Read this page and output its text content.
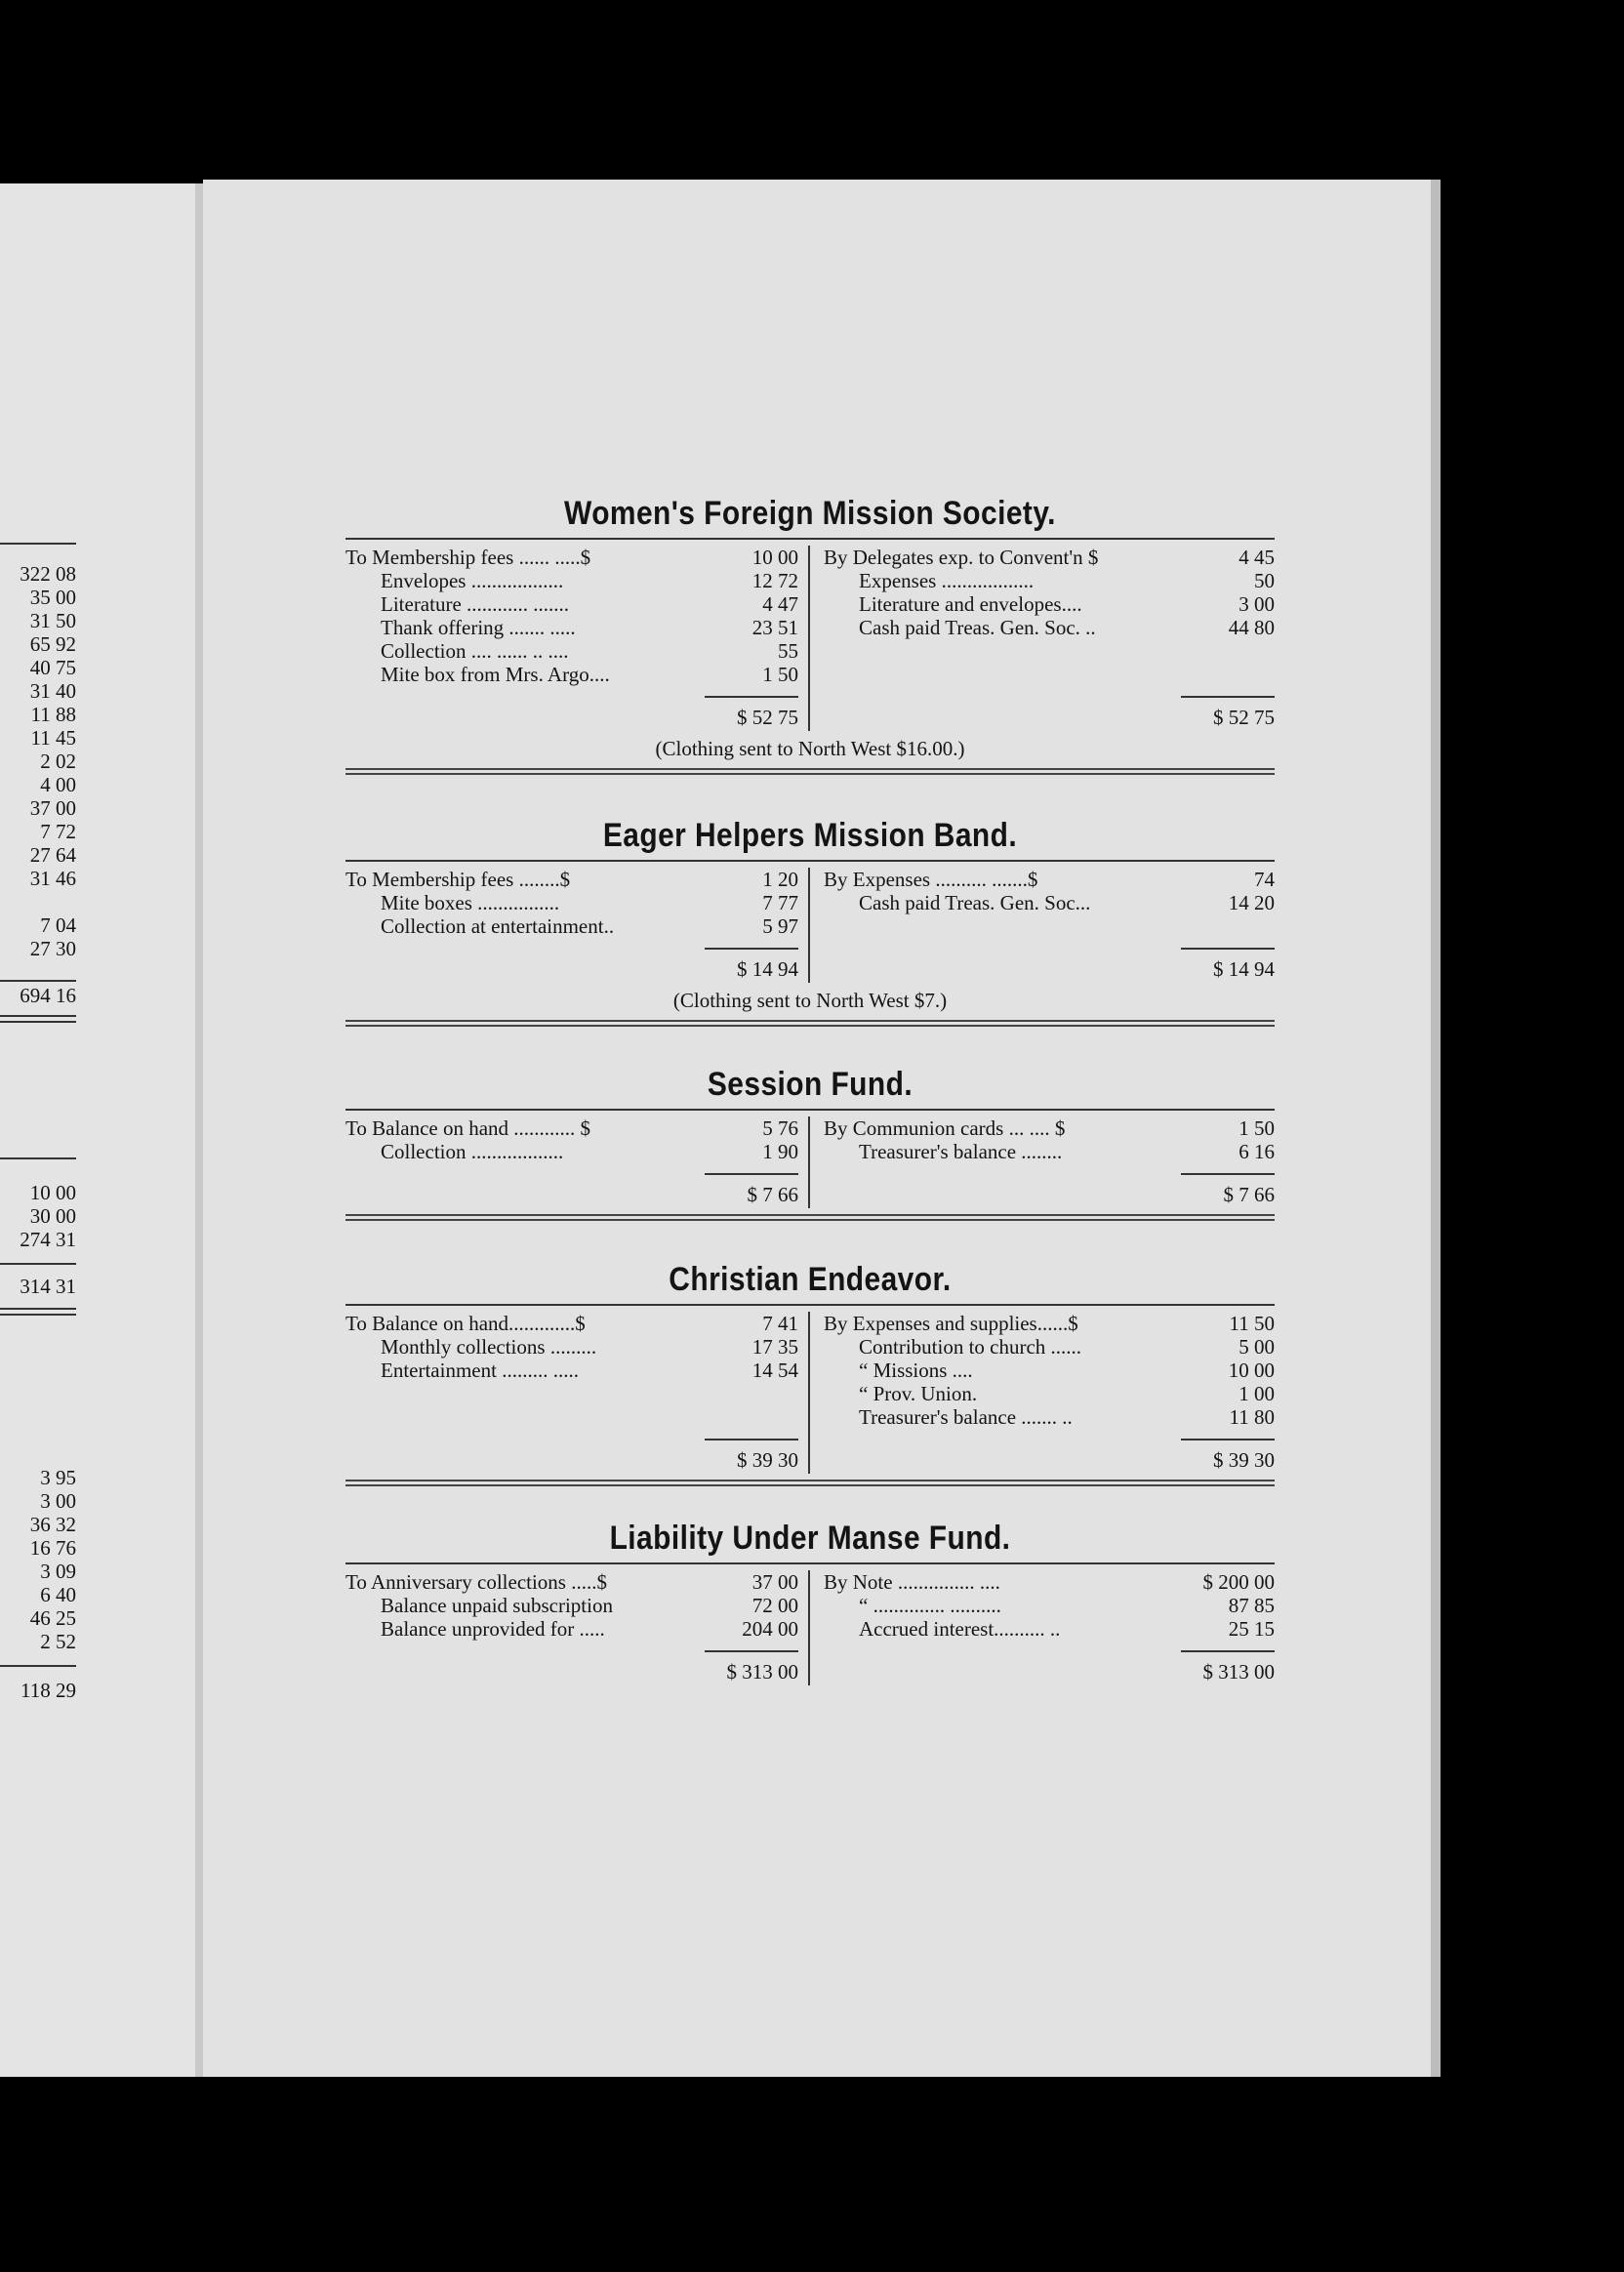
322 08
35 00
31 50
65 92
40 75
31 40
11 88
11 45
2 02
4 00
37 00
7 72
27 64
31 46
7 04
27 30
694 16
10 00
30 00
274 31
314 31
3 95
3 00
36 32
16 76
3 09
6 40
46 25
2 52
118 29
Women's Foreign Mission Society.
To Membership fees ...... .....$	10 00
Envelopes ..................	12 72
Literature ............ .......	4 47
Thank offering ....... .....	23 51
Collection .... ...... .. ....	55
Mite box from Mrs. Argo....	1 50
$ 52 75
By Delegates exp. to Convent'n $	4 45
Expenses ..................	50
Literature and envelopes....	3 00
Cash paid Treas. Gen. Soc. ..	44 80
$ 52 75
(Clothing sent to North West $16.00.)
Eager Helpers Mission Band.
To Membership fees ........$	1 20
Mite boxes ................	7 77
Collection at entertainment..	5 97
$ 14 94
By Expenses .......... .......$	74
Cash paid Treas. Gen. Soc...	14 20
$ 14 94
(Clothing sent to North West $7.)
Session Fund.
To Balance on hand ............ $	5 76
Collection ..................	1 90
$ 7 66
By Communion cards ... .... $	1 50
Treasurer's balance ........	6 16
$ 7 66
Christian Endeavor.
To Balance on hand.............$	7 41
Monthly collections .........	17 35
Entertainment ......... .....	14 54
$ 39 30
By Expenses and supplies......$	11 50
Contribution to church ......	5 00
“ Missions ....	10 00
“ Prov. Union.	1 00
Treasurer's balance ....... ..	11 80
$ 39 30
Liability Under Manse Fund.
To Anniversary collections .....$	37 00
Balance unpaid subscription	72 00
Balance unprovided for .....	204 00
$ 313 00
By Note ............... ....	$ 200 00
“ .............. ..........	87 85
Accrued interest.......... ..	25 15
$ 313 00
